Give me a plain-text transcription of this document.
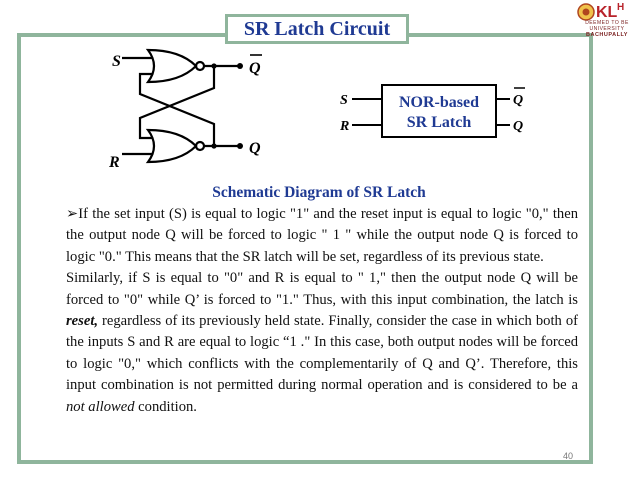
SR Latch Circuit
KL H
DEEMED TO BE UNIVERSITY
BACHUPALLY
S
R
Q
Q
NOR-based
SR Latch
S
R
Q
Q
Schematic Diagram of SR Latch

➢If the set input (S) is equal to logic "1" and the reset input is equal to logic "0," then the output node Q will be forced to logic " 1 " while the output node Q is forced to logic "0." This means that the SR latch will be set, regardless of its previous state.

Similarly, if S is equal to "0" and R is equal to " 1," then the output node Q will be forced to "0" while Q’ is forced to "1." Thus, with this input combination, the latch is reset, regardless of its previously held state. Finally, consider the case in which both of the inputs S and R are equal to logic “1 ." In this case, both output nodes will be forced to logic "0," which conflicts with the complementarily of Q and Q’. Therefore, this input combination is not permitted during normal operation and is considered to be a not allowed condition.

40
